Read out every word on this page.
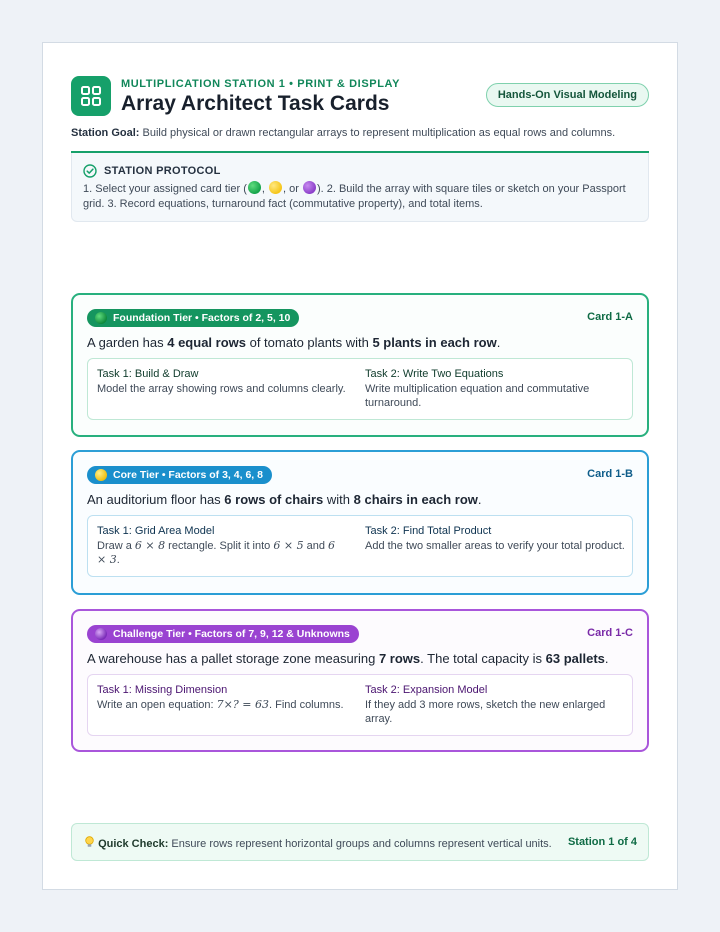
MULTIPLICATION STATION 1 • PRINT & DISPLAY
Array Architect Task Cards	Hands-On Visual Modeling
Station Goal: Build physical or drawn rectangular arrays to represent multiplication as equal rows and columns.
STATION PROTOCOL
1. Select your assigned card tier ( , , or ). 2. Build the array with square tiles or sketch on your Passport grid. 3. Record equations, turnaround fact (commutative property), and total items.
Foundation Tier • Factors of 2, 5, 10	Card 1-A
A garden has 4 equal rows of tomato plants with 5 plants in each row.
Task 1: Build & Draw
Model the array showing rows and columns clearly.
Task 2: Write Two Equations
Write multiplication equation and commutative turnaround.
Core Tier • Factors of 3, 4, 6, 8	Card 1-B
An auditorium floor has 6 rows of chairs with 8 chairs in each row.
Task 1: Grid Area Model
Draw a 6 × 8 rectangle. Split it into 6 × 5 and 6
× 3.
Task 2: Find Total Product
Add the two smaller areas to verify your total product.
Challenge Tier • Factors of 7, 9, 12 & Unknowns	Card 1-C
A warehouse has a pallet storage zone measuring 7 rows. The total capacity is 63 pallets.
Task 1: Missing Dimension
Write an open equation: 7×? = 63. Find columns.
Task 2: Expansion Model
If they add 3 more rows, sketch the new enlarged array.
Quick Check: Ensure rows represent horizontal groups and columns represent vertical units. Station 1 of 4
